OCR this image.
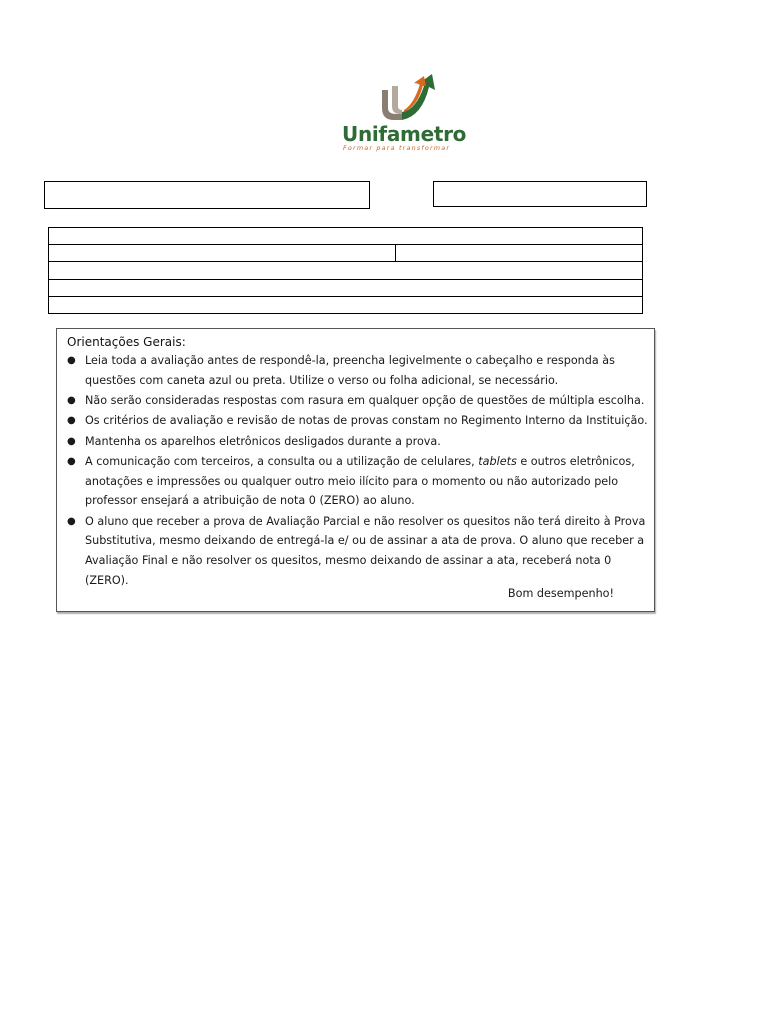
Unifametro
Formar para transformar
Orientações Gerais:
● Leia toda a avaliação antes de respondê-la, preencha legivelmente o cabeçalho e responda às questões com caneta azul ou preta. Utilize o verso ou folha adicional, se necessário.
● Não serão consideradas respostas com rasura em qualquer opção de questões de múltipla escolha.
● Os critérios de avaliação e revisão de notas de provas constam no Regimento Interno da Instituição.
● Mantenha os aparelhos eletrônicos desligados durante a prova.
● A comunicação com terceiros, a consulta ou a utilização de celulares, tablets e outros eletrônicos, anotações e impressões ou qualquer outro meio ilícito para o momento ou não autorizado pelo professor ensejará a atribuição de nota 0 (ZERO) ao aluno.
● O aluno que receber a prova de Avaliação Parcial e não resolver os quesitos não terá direito à Prova Substitutiva, mesmo deixando de entregá-la e/ ou de assinar a ata de prova. O aluno que receber a Avaliação Final e não resolver os quesitos, mesmo deixando de assinar a ata, receberá nota 0 (ZERO).
Bom desempenho!
